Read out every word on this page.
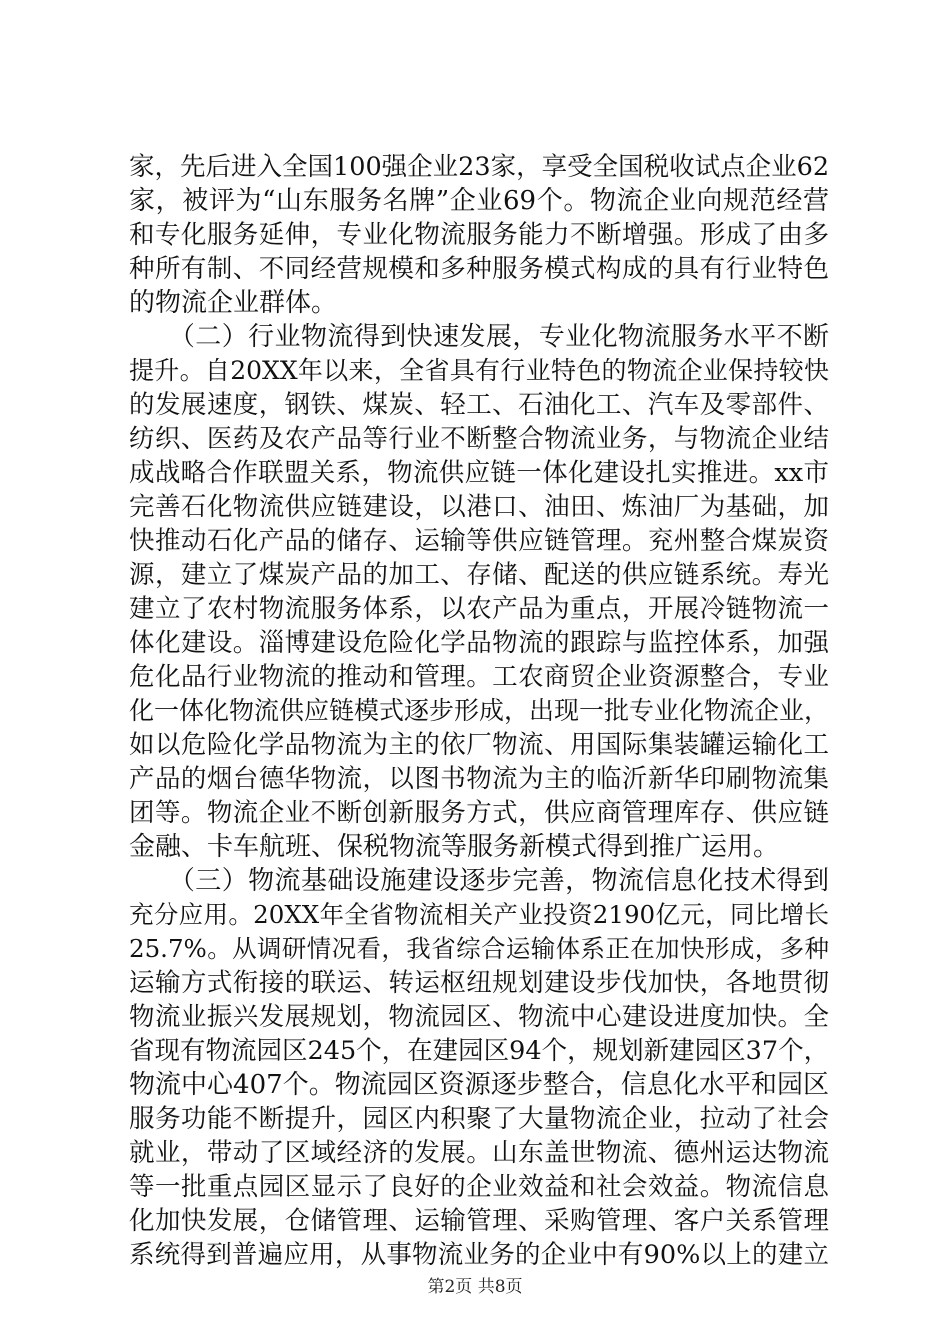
家，先后进入全国100强企业23家，享受全国税收试点企业62
家，被评为“山东服务名牌”企业69个。物流企业向规范经营
和专化服务延伸，专业化物流服务能力不断增强。形成了由多
种所有制、不同经营规模和多种服务模式构成的具有行业特色
的物流企业群体。
　　（二）行业物流得到快速发展，专业化物流服务水平不断
提升。自20XX年以来，全省具有行业特色的物流企业保持较快
的发展速度，钢铁、煤炭、轻工、石油化工、汽车及零部件、
纺织、医药及农产品等行业不断整合物流业务，与物流企业结
成战略合作联盟关系，物流供应链一体化建设扎实推进。xx市
完善石化物流供应链建设，以港口、油田、炼油厂为基础，加
快推动石化产品的储存、运输等供应链管理。兖州整合煤炭资
源，建立了煤炭产品的加工、存储、配送的供应链系统。寿光
建立了农村物流服务体系，以农产品为重点，开展冷链物流一
体化建设。淄博建设危险化学品物流的跟踪与监控体系，加强
危化品行业物流的推动和管理。工农商贸企业资源整合，专业
化一体化物流供应链模式逐步形成，出现一批专业化物流企业，
如以危险化学品物流为主的依厂物流、用国际集装罐运输化工
产品的烟台德华物流，以图书物流为主的临沂新华印刷物流集
团等。物流企业不断创新服务方式，供应商管理库存、供应链
金融、卡车航班、保税物流等服务新模式得到推广运用。
　　（三）物流基础设施建设逐步完善，物流信息化技术得到
充分应用。20XX年全省物流相关产业投资2190亿元，同比增长
25.7%。从调研情况看，我省综合运输体系正在加快形成，多种
运输方式衔接的联运、转运枢纽规划建设步伐加快，各地贯彻
物流业振兴发展规划，物流园区、物流中心建设进度加快。全
省现有物流园区245个，在建园区94个，规划新建园区37个，
物流中心407个。物流园区资源逐步整合，信息化水平和园区
服务功能不断提升，园区内积聚了大量物流企业，拉动了社会
就业，带动了区域经济的发展。山东盖世物流、德州运达物流
等一批重点园区显示了良好的企业效益和社会效益。物流信息
化加快发展，仓储管理、运输管理、采购管理、客户关系管理
系统得到普遍应用，从事物流业务的企业中有90%以上的建立
第2页 共8页
